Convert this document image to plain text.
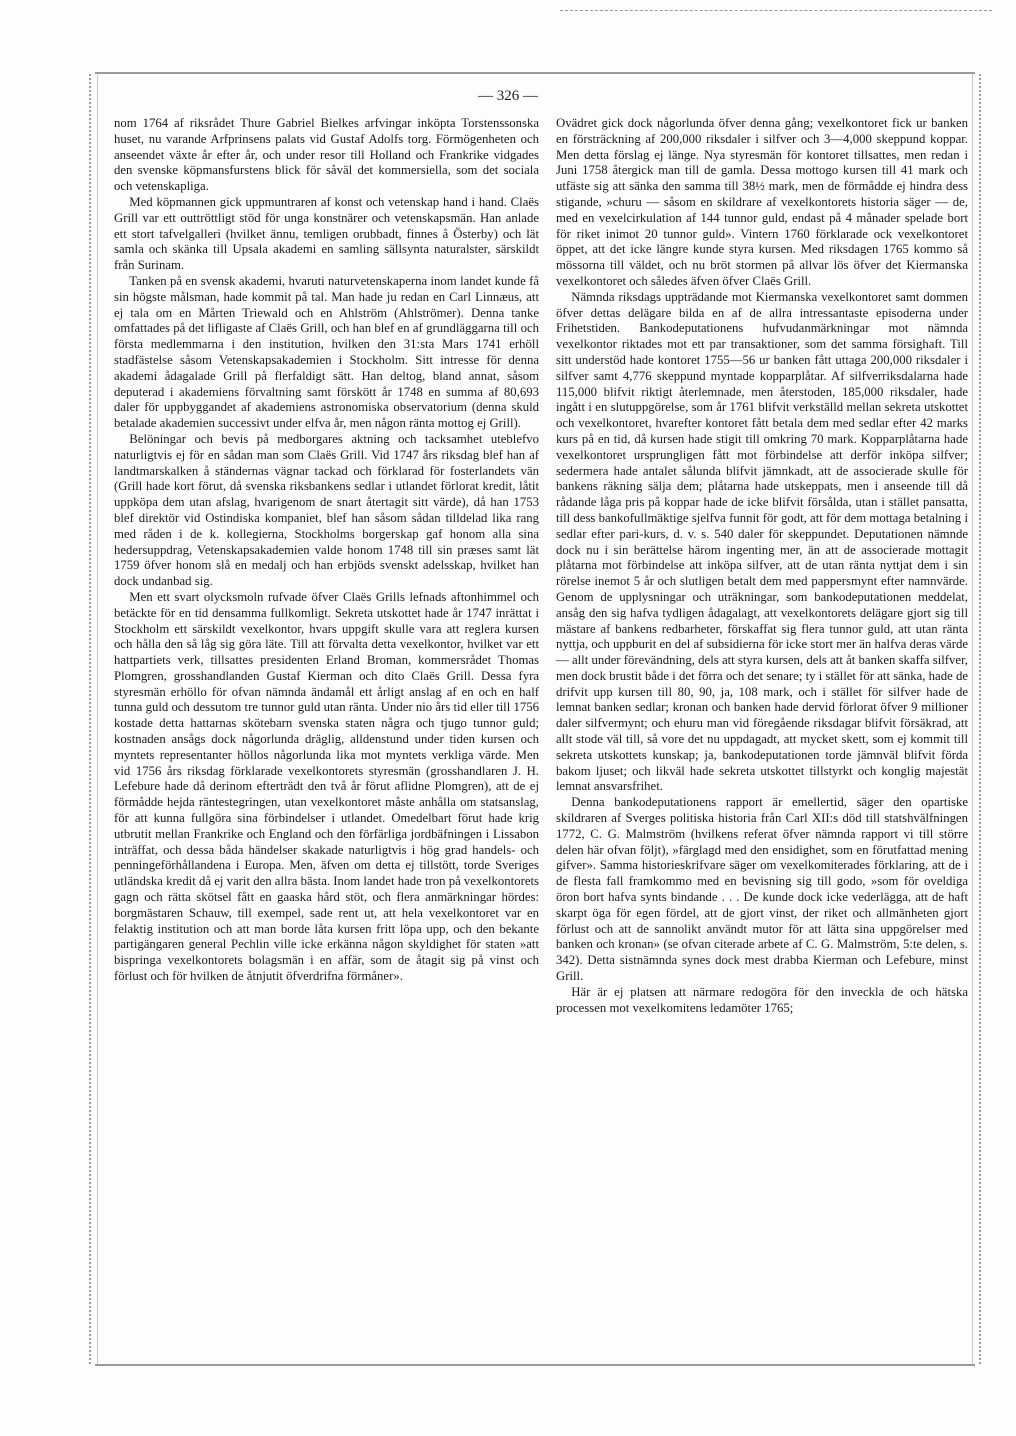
— 326 —

nom 1764 af riksrådet Thure Gabriel Bielkes arfvingar inköpta Torstenssonska huset, nu varande Arfprinsens palats vid Gustaf Adolfs torg. Förmögenheten och anseendet växte år efter år, och under resor till Holland och Frankrike vidgades den svenske köpmansfurstens blick för såväl det kommersiella, som det sociala och vetenskapliga.

Med köpmannen gick uppmuntraren af konst och vetenskap hand i hand. Claës Grill var ett outtröttligt stöd för unga konstnärer och vetenskapsmän. Han anlade ett stort tafvelgalleri (hvilket ännu, temligen orubbadt, finnes å Österby) och lät samla och skänka till Upsala akademi en samling sällsynta naturalster, särskildt från Surinam.

Tanken på en svensk akademi, hvaruti naturvetenskaperna inom landet kunde få sin högste målsman, hade kommit på tal. Man hade ju redan en Carl Linnæus, att ej tala om en Mårten Triewald och en Ahlström (Ahlströmer). Denna tanke omfattades på det lifligaste af Claës Grill, och han blef en af grundläggarna till och första medlemmarna i den institution, hvilken den 31:sta Mars 1741 erhöll stadfästelse såsom Vetenskapsakademien i Stockholm. Sitt intresse för denna akademi ådagalade Grill på flerfaldigt sätt. Han deltog, bland annat, såsom deputerad i akademiens förvaltning samt förskött år 1748 en summa af 80,693 daler för uppbyggandet af akademiens astronomiska observatorium (denna skuld betalade akademien successivt under elfva år, men någon ränta mottog ej Grill).

Belöningar och bevis på medborgares aktning och tacksamhet uteblefvo naturligtvis ej för en sådan man som Claës Grill. Vid 1747 års riksdag blef han af landtmarskalken å ständernas vägnar tackad och förklarad för fosterlandets vän (Grill hade kort förut, då svenska riksbankens sedlar i utlandet förlorat kredit, låtit uppköpa dem utan afslag, hvarigenom de snart återtagit sitt värde), då han 1753 blef direktör vid Ostindiska kompaniet, blef han såsom sådan tilldelad lika rang med råden i de k. kollegierna, Stockholms borgerskap gaf honom alla sina hedersuppdrag, Vetenskapsakademien valde honom 1748 till sin præses samt lät 1759 öfver honom slå en medalj och han erbjöds svenskt adelsskap, hvilket han dock undanbad sig.

Men ett svart olycksmoln rufvade öfver Claës Grills lefnads aftonhimmel och betäckte för en tid densamma fullkomligt. Sekreta utskottet hade år 1747 inrättat i Stockholm ett särskildt vexelkontor, hvars uppgift skulle vara att reglera kursen och hålla den så låg sig göra läte. Till att förvalta detta vexelkontor, hvilket var ett hattpartiets verk, tillsattes presidenten Erland Broman, kommersrådet Thomas Plomgren, grosshandlanden Gustaf Kierman och dito Claës Grill. Dessa fyra styresmän erhöllo för ofvan nämnda ändamål ett årligt anslag af en och en half tunna guld och dessutom tre tunnor guld utan ränta. Under nio års tid eller till 1756 kostade detta hattarnas skötebarn svenska staten några och tjugo tunnor guld; kostnaden ansågs dock någorlunda dräglig, alldenstund under tiden kursen och myntets representanter höllos någorlunda lika mot myntets verkliga värde. Men vid 1756 års riksdag förklarade vexelkontorets styresmän (grosshandlaren J. H. Lefebure hade då derinom efterträdt den två år förut aflidne Plomgren), att de ej förmådde hejda räntestegringen, utan vexelkontoret måste anhålla om statsanslag, för att kunna fullgöra sina förbindelser i utlandet. Omedelbart förut hade krig utbrutit mellan Frankrike och England och den förfärliga jordbäfningen i Lissabon inträffat, och dessa båda händelser skakade naturligtvis i hög grad handels- och penningeförhållandena i Europa. Men, äfven om detta ej tillstött, torde Sveriges utländska kredit då ej varit den allra bästa. Inom landet hade tron på vexelkontorets gagn och rätta skötsel fått en gaaska hård stöt, och flera anmärkningar hördes: borgmästaren Schauw, till exempel, sade rent ut, att hela vexelkontoret var en felaktig institution och att man borde låta kursen fritt löpa upp, och den bekante partigängaren general Pechlin ville icke erkänna någon skyldighet för staten »att bispringa vexelkontorets bolagsmän i en affär, som de åtagit sig på vinst och förlust och för hvilken de åtnjutit öfverdrifna förmåner».

Ovädret gick dock någorlunda öfver denna gång; vexelkontoret fick ur banken en försträckning af 200,000 riksdaler i silfver och 3—4,000 skeppund koppar. Men detta förslag ej länge. Nya styresmän för kontoret tillsattes, men redan i Juni 1758 återgick man till de gamla. Dessa mottogo kursen till 41 mark och utfäste sig att sänka den samma till 38½ mark, men de förmådde ej hindra dess stigande, »churu — såsom en skildrare af vexelkontorets historia säger — de, med en vexelcirkulation af 144 tunnor guld, endast på 4 månader spelade bort för riket inimot 20 tunnor guld». Vintern 1760 förklarade ock vexelkontoret öppet, att det icke längre kunde styra kursen. Med riksdagen 1765 kommo så mössorna till väldet, och nu bröt stormen på allvar lös öfver det Kiermanska vexelkontoret och således äfven öfver Claës Grill.

Nämnda riksdags uppträdande mot Kiermanska vexelkontoret samt dommen öfver dettas delägare bilda en af de allra intressantaste episoderna under Frihetstiden. Bankodeputationens hufvudanmärkningar mot nämnda vexelkontor riktades mot ett par transaktioner, som det samma försighaft. Till sitt understöd hade kontoret 1755—56 ur banken fått uttaga 200,000 riksdaler i silfver samt 4,776 skeppund myntade kopparplåtar. Af silfverriksdalarna hade 115,000 blifvit riktigt återlemnade, men återstoden, 185,000 riksdaler, hade ingått i en slutuppgörelse, som år 1761 blifvit verkställd mellan sekreta utskottet och vexelkontoret, hvarefter kontoret fått betala dem med sedlar efter 42 marks kurs på en tid, då kursen hade stigit till omkring 70 mark. Kopparplåtarna hade vexelkontoret ursprungligen fått mot förbindelse att derför inköpa silfver; sedermera hade antalet sålunda blifvit jämnkadt, att de associerade skulle för bankens räkning sälja dem; plåtarna hade utskeppats, men i anseende till då rådande låga pris på koppar hade de icke blifvit försålda, utan i stället pansatta, till dess bankofullmäktige sjelfva funnit för godt, att för dem mottaga betalning i sedlar efter pari-kurs, d. v. s. 540 daler för skeppundet. Deputationen nämnde dock nu i sin berättelse härom ingenting mer, än att de associerade mottagit plåtarna mot förbindelse att inköpa silfver, att de utan ränta nyttjat dem i sin rörelse inemot 5 år och slutligen betalt dem med pappersmynt efter namnvärde. Genom de upplysningar och uträkningar, som bankodeputationen meddelat, ansåg den sig hafva tydligen ådagalagt, att vexelkontorets delägare gjort sig till mästare af bankens redbarheter, förskaffat sig flera tunnor guld, att utan ränta nyttja, och uppburit en del af subsidierna för icke stort mer än halfva deras värde — allt under förevändning, dels att styra kursen, dels att åt banken skaffa silfver, men dock brustit både i det förra och det senare; ty i stället för att sänka, hade de drifvit upp kursen till 80, 90, ja, 108 mark, och i stället för silfver hade de lemnat banken sedlar; kronan och banken hade dervid förlorat öfver 9 millioner daler silfvermynt; och ehuru man vid föregående riksdagar blifvit försäkrad, att allt stode väl till, så vore det nu uppdagadt, att mycket skett, som ej kommit till sekreta utskottets kunskap; ja, bankodeputationen torde jämnväl blifvit förda bakom ljuset; och likväl hade sekreta utskottet tillstyrkt och konglig majestät lemnat ansvarsfrihet.

Denna bankodeputationens rapport är emellertid, säger den opartiske skildraren af Sverges politiska historia från Carl XII:s död till statshvälfningen 1772, C. G. Malmström (hvilkens referat öfver nämnda rapport vi till större delen här ofvan följt), »färglagd med den ensidighet, som en förutfattad mening gifver». Samma historieskrifvare säger om vexelkomiterades förklaring, att de i de flesta fall framkommo med en bevisning sig till godo, »som för oveldiga öron bort hafva synts bindande . . . De kunde dock icke vederlägga, att de haft skarpt öga för egen fördel, att de gjort vinst, der riket och allmänheten gjort förlust och att de sannolikt användt mutor för att lätta sina uppgörelser med banken och kronan» (se ofvan citerade arbete af C. G. Malmström, 5:te delen, s. 342). Detta sistnämnda synes dock mest drabba Kierman och Lefebure, minst Grill.

Här är ej platsen att närmare redogöra för den inveckla de och hätska processen mot vexelkomitens ledamöter 1765;
